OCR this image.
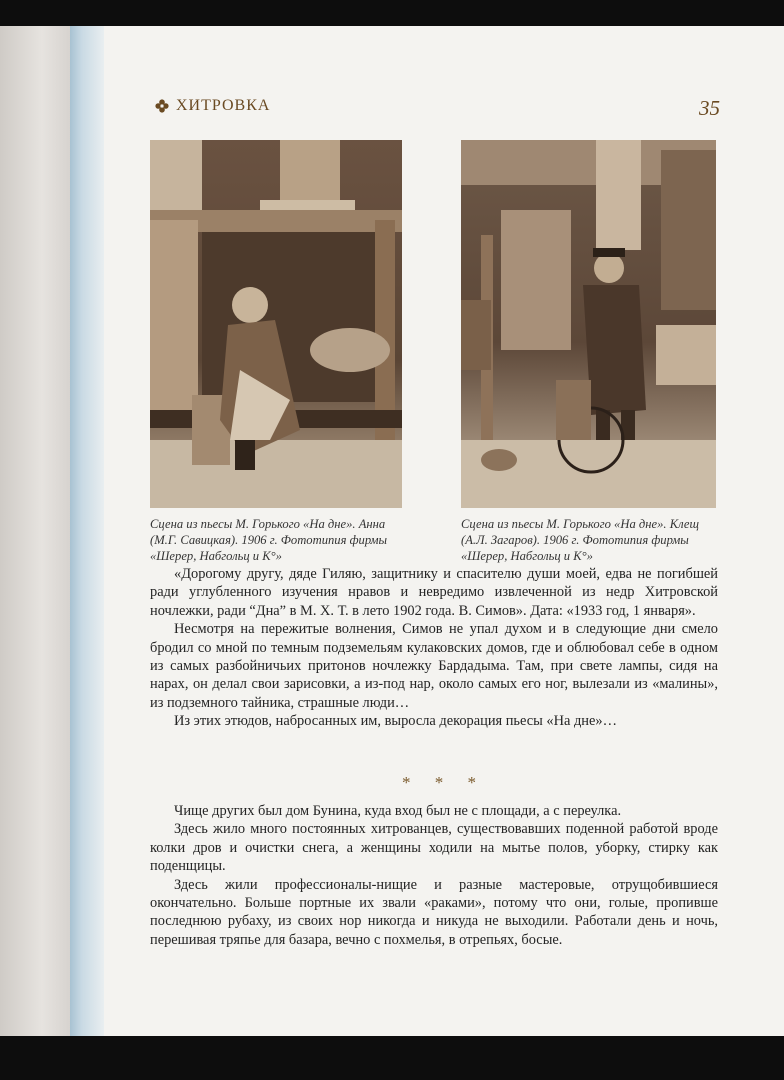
ХИТРОВКА	35
Сцена из пьесы М. Горького «На дне». Анна (М.Г. Савицкая). 1906 г. Фототипия фирмы «Шерер, Набгольц и К°»
Сцена из пьесы М. Горького «На дне». Клещ (А.Л. Загаров). 1906 г. Фототипия фирмы «Шерер, Набгольц и К°»

«Дорогому другу, дяде Гиляю, защитнику и спасителю души моей, едва не погибшей ради углубленного изучения нравов и невредимо извлеченной из недр Хитровской ночлежки, ради “Дна” в М. Х. Т. в лето 1902 года. В. Симов». Дата: «1933 год, 1 января».

Несмотря на пережитые волнения, Симов не упал духом и в следующие дни смело бродил со мной по темным подземельям кулаковских домов, где и облюбовал себе в одном из самых разбойничьих притонов ночлежку Бардадыма. Там, при свете лампы, сидя на нарах, он делал свои зарисовки, а из-под нар, около самых его ног, вылезали из «малины», из подземного тайника, страшные люди…

Из этих этюдов, набросанных им, выросла декорация пьесы «На дне»…

* * *

Чище других был дом Бунина, куда вход был не с площади, а с переулка.

Здесь жило много постоянных хитрованцев, существовавших поденной работой вроде колки дров и очистки снега, а женщины ходили на мытье полов, уборку, стирку как поденщицы.

Здесь жили профессионалы-нищие и разные мастеровые, отрущобившиеся окончательно. Больше портные их звали «раками», потому что они, голые, пропивше последнюю рубаху, из своих нор никогда и никуда не выходили. Работали день и ночь, перешивая тряпье для базара, вечно с похмелья, в отрепьях, босые.
